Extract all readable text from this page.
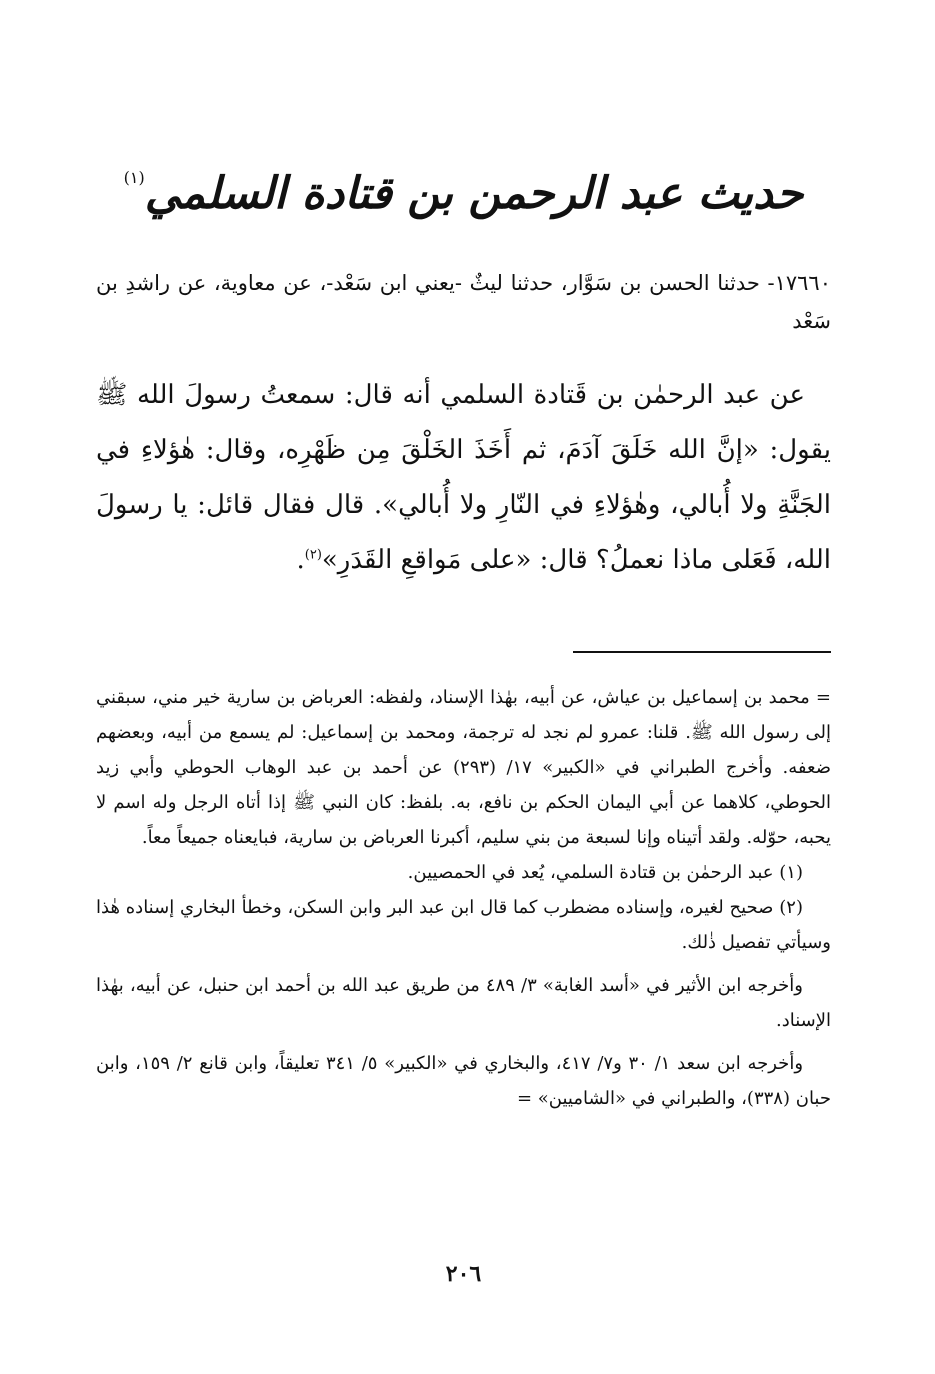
حديث عبد الرحمن بن قتادة السلمي$^{(١)}$
١٧٦٦٠- حدثنا الحسن بن سَوَّار، حدثنا ليثٌ -يعني ابن سَعْد-، عن معاوية، عن راشدِ بن سَعْد
عن عبد الرحمٰن بن قَتادة السلمي أنه قال: سمعتُ رسولَ الله ﷺ يقول: «إنَّ الله خَلَقَ آدَمَ، ثم أَخَذَ الخَلْقَ مِن ظَهْرِه، وقال: هٰؤلاءِ في الجَنَّةِ ولا أُبالي، وهٰؤلاءِ في النّارِ ولا أُبالي». قال فقال قائل: يا رسولَ الله، فَعَلى ماذا نعملُ؟ قال: «على مَواقعِ القَدَرِ»$^{(٢)}$.

= محمد بن إسماعيل بن عياش، عن أبيه، بهٰذا الإسناد، ولفظه: العرباض بن سارية خير مني، سبقني إلى رسول الله ﷺ. قلنا: عمرو لم نجد له ترجمة، ومحمد بن إسماعيل: لم يسمع من أبيه، وبعضهم ضعفه. وأخرج الطبراني في «الكبير» ١٧/ (٢٩٣) عن أحمد بن عبد الوهاب الحوطي وأبي زيد الحوطي، كلاهما عن أبي اليمان الحكم بن نافع، به. بلفظ: كان النبي ﷺ إذا أتاه الرجل وله اسم لا يحبه، حوّله. ولقد أتيناه وإنا لسبعة من بني سليم، أكبرنا العرباض بن سارية، فبايعناه جميعاً معاً.

(١) عبد الرحمٰن بن قتادة السلمي، يُعد في الحمصيين.

(٢) صحيح لغيره، وإسناده مضطرب كما قال ابن عبد البر وابن السكن، وخطأ البخاري إسناده هٰذا وسيأتي تفصيل ذٰلك.

وأخرجه ابن الأثير في «أسد الغابة» ٣/ ٤٨٩ من طريق عبد الله بن أحمد ابن حنبل، عن أبيه، بهٰذا الإسناد.

وأخرجه ابن سعد ١/ ٣٠ و٧/ ٤١٧، والبخاري في «الكبير» ٥/ ٣٤١ تعليقاً، وابن قانع ٢/ ١٥٩، وابن حبان (٣٣٨)، والطبراني في «الشاميين» =

٢٠٦
